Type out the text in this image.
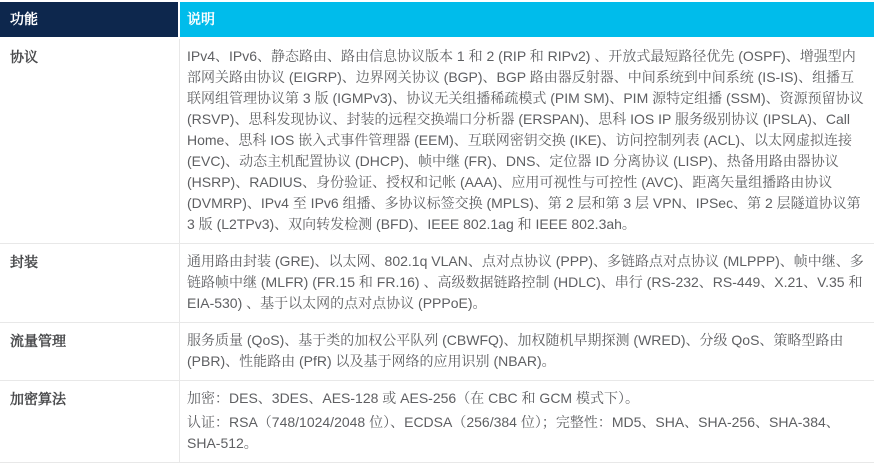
功能	说明
协议	IPv4、IPv6、静态路由、路由信息协议版本 1 和 2 (RIP 和 RIPv2) 、开放式最短路径优先 (OSPF)、增强型内部网关路由协议 (EIGRP)、边界网关协议 (BGP)、BGP 路由器反射器、中间系统到中间系统 (IS-IS)、组播互联网组管理协议第 3 版 (IGMPv3)、协议无关组播稀疏模式 (PIM SM)、PIM 源特定组播 (SSM)、资源预留协议 (RSVP)、思科发现协议、封装的远程交换端口分析器 (ERSPAN)、思科 IOS IP 服务级别协议 (IPSLA)、Call Home、思科 IOS 嵌入式事件管理器 (EEM)、互联网密钥交换 (IKE)、访问控制列表 (ACL)、以太网虚拟连接 (EVC)、动态主机配置协议 (DHCP)、帧中继 (FR)、DNS、定位器 ID 分离协议 (LISP)、热备用路由器协议 (HSRP)、RADIUS、身份验证、授权和记帐 (AAA)、应用可视性与可控性 (AVC)、距离矢量组播路由协议 (DVMRP)、IPv4 至 IPv6 组播、多协议标签交换 (MPLS)、第 2 层和第 3 层 VPN、IPSec、第 2 层隧道协议第 3 版 (L2TPv3)、双向转发检测 (BFD)、IEEE 802.1ag 和 IEEE 802.3ah。

封装	通用路由封装 (GRE)、以太网、802.1q VLAN、点对点协议 (PPP)、多链路点对点协议 (MLPPP)、帧中继、多链路帧中继 (MLFR) (FR.15 和 FR.16) 、高级数据链路控制 (HDLC)、串行 (RS-232、RS-449、X.21、V.35 和 EIA-530) 、基于以太网的点对点协议 (PPPoE)。

流量管理	服务质量 (QoS)、基于类的加权公平队列 (CBWFQ)、加权随机早期探测 (WRED)、分级 QoS、策略型路由 (PBR)、性能路由 (PfR) 以及基于网络的应用识别 (NBAR)。

加密算法	加密：DES、3DES、AES-128 或 AES-256（在 CBC 和 GCM 模式下）。

认证：RSA（748/1024/2048 位）、ECDSA（256/384 位）；完整性：MD5、SHA、SHA-256、SHA-384、SHA-512。
